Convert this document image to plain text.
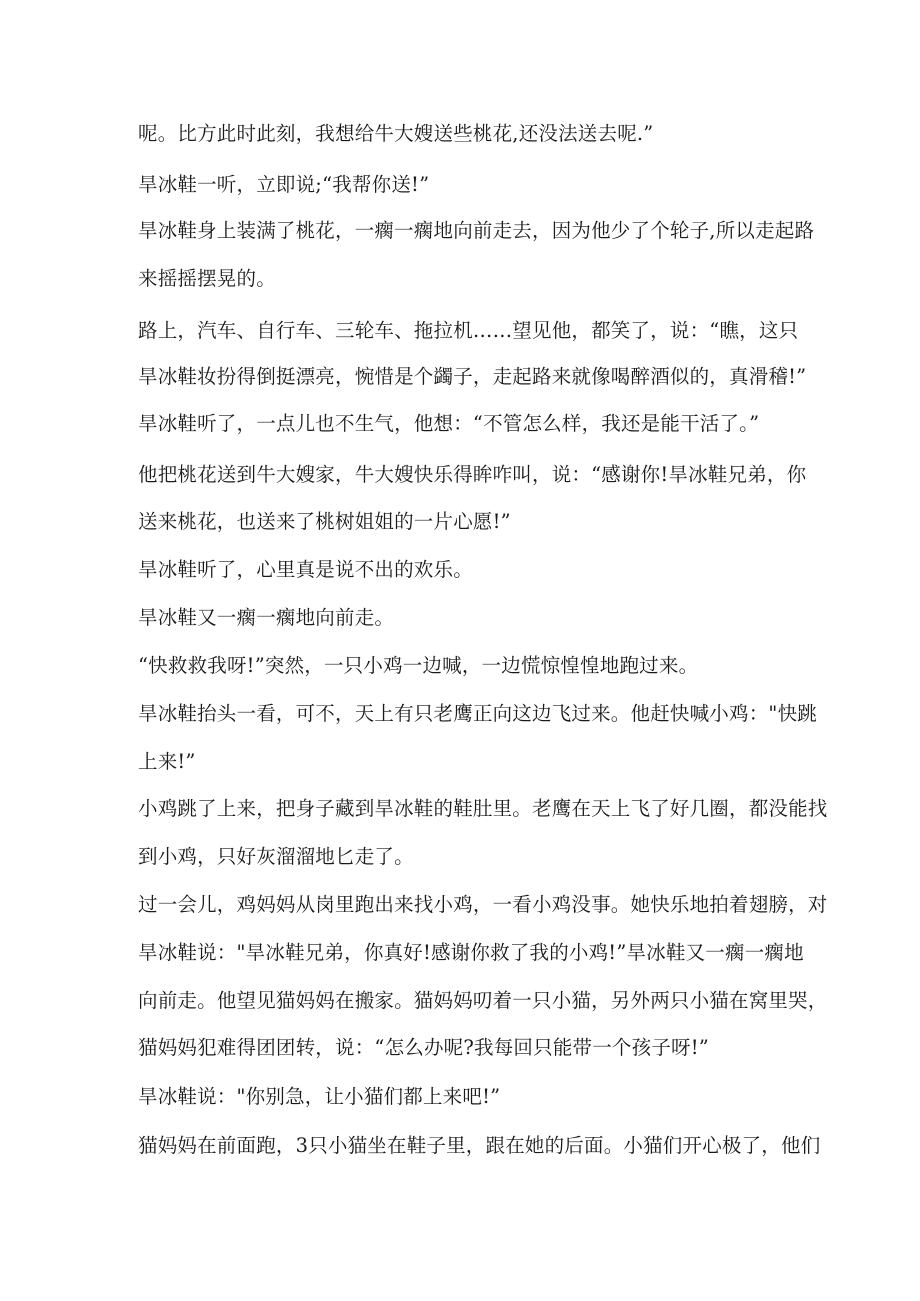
呢。比方此时此刻，我想给牛大嫂送些桃花,还没法送去呢.”
旱冰鞋一听，立即说;“我帮你送!”
旱冰鞋身上装满了桃花，一瘸一瘸地向前走去，因为他少了个轮子,所以走起路
来摇摇摆晃的。
路上，汽车、自行车、三轮车、拖拉机……望见他，都笑了，说：“瞧，这只
旱冰鞋妆扮得倒挺漂亮，惋惜是个蠲子，走起路来就像喝醉酒似的，真滑稽!”
旱冰鞋听了，一点儿也不生气，他想：“不管怎么样，我还是能干活了。”
他把桃花送到牛大嫂家，牛大嫂快乐得眸咋叫，说：“感谢你!旱冰鞋兄弟，你
送来桃花，也送来了桃树姐姐的一片心愿!”
旱冰鞋听了，心里真是说不出的欢乐。
旱冰鞋又一瘸一瘸地向前走。
“快救救我呀!”突然，一只小鸡一边喊，一边慌惊惶惶地跑过来。
旱冰鞋抬头一看，可不，天上有只老鹰正向这边飞过来。他赶快喊小鸡："快跳
上来!”
小鸡跳了上来，把身子藏到旱冰鞋的鞋肚里。老鹰在天上飞了好几圈，都没能找
到小鸡，只好灰溜溜地匕走了。
过一会儿，鸡妈妈从岗里跑出来找小鸡，一看小鸡没事。她快乐地拍着翅膀，对
旱冰鞋说："旱冰鞋兄弟，你真好!感谢你救了我的小鸡!”旱冰鞋又一瘸一瘸地
向前走。他望见猫妈妈在搬家。猫妈妈叨着一只小猫，另外两只小猫在窝里哭，
猫妈妈犯难得团团转，说：“怎么办呢?我每回只能带一个孩子呀!”
旱冰鞋说："你别急，让小猫们都上来吧!”
猫妈妈在前面跑，3只小猫坐在鞋子里，跟在她的后面。小猫们开心极了，他们
